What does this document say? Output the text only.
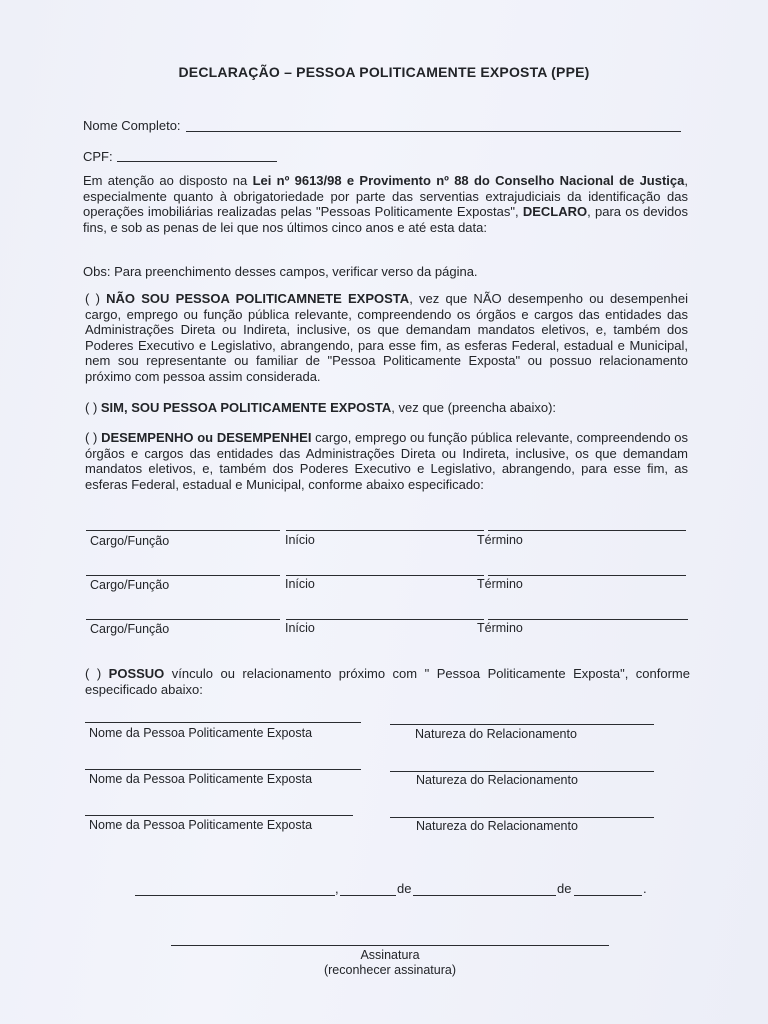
DECLARAÇÃO – PESSOA POLITICAMENTE EXPOSTA (PPE)
Nome Completo:
CPF:
Em atenção ao disposto na Lei nº 9613/98 e Provimento nº 88 do Conselho Nacional de Justiça, especialmente quanto à obrigatoriedade por parte das serventias extrajudiciais da identificação das operações imobiliárias realizadas pelas "Pessoas Politicamente Expostas", DECLARO, para os devidos fins, e sob as penas de lei que nos últimos cinco anos e até esta data:
Obs: Para preenchimento desses campos, verificar verso da página.
( ) NÃO SOU PESSOA POLITICAMNETE EXPOSTA, vez que NÃO desempenho ou desempenhei cargo, emprego ou função pública relevante, compreendendo os órgãos e cargos das entidades das Administrações Direta ou Indireta, inclusive, os que demandam mandatos eletivos, e, também dos Poderes Executivo e Legislativo, abrangendo, para esse fim, as esferas Federal, estadual e Municipal, nem sou representante ou familiar de "Pessoa Politicamente Exposta" ou possuo relacionamento próximo com pessoa assim considerada.
( ) SIM, SOU PESSOA POLITICAMENTE EXPOSTA, vez que (preencha abaixo):
( ) DESEMPENHO ou DESEMPENHEI cargo, emprego ou função pública relevante, compreendendo os órgãos e cargos das entidades das Administrações Direta ou Indireta, inclusive, os que demandam mandatos eletivos, e, também dos Poderes Executivo e Legislativo, abrangendo, para esse fim, as esferas Federal, estadual e Municipal, conforme abaixo especificado:
Cargo/Função	Início	Término
Cargo/Função	Início	Término
Cargo/Função	Início	Término
( ) POSSUO vínculo ou relacionamento próximo com " Pessoa Politicamente Exposta", conforme especificado abaixo:
Nome da Pessoa Politicamente Exposta	Natureza do Relacionamento
Nome da Pessoa Politicamente Exposta	Natureza do Relacionamento
Nome da Pessoa Politicamente Exposta	Natureza do Relacionamento
,	de	de	.
Assinatura
(reconhecer assinatura)
